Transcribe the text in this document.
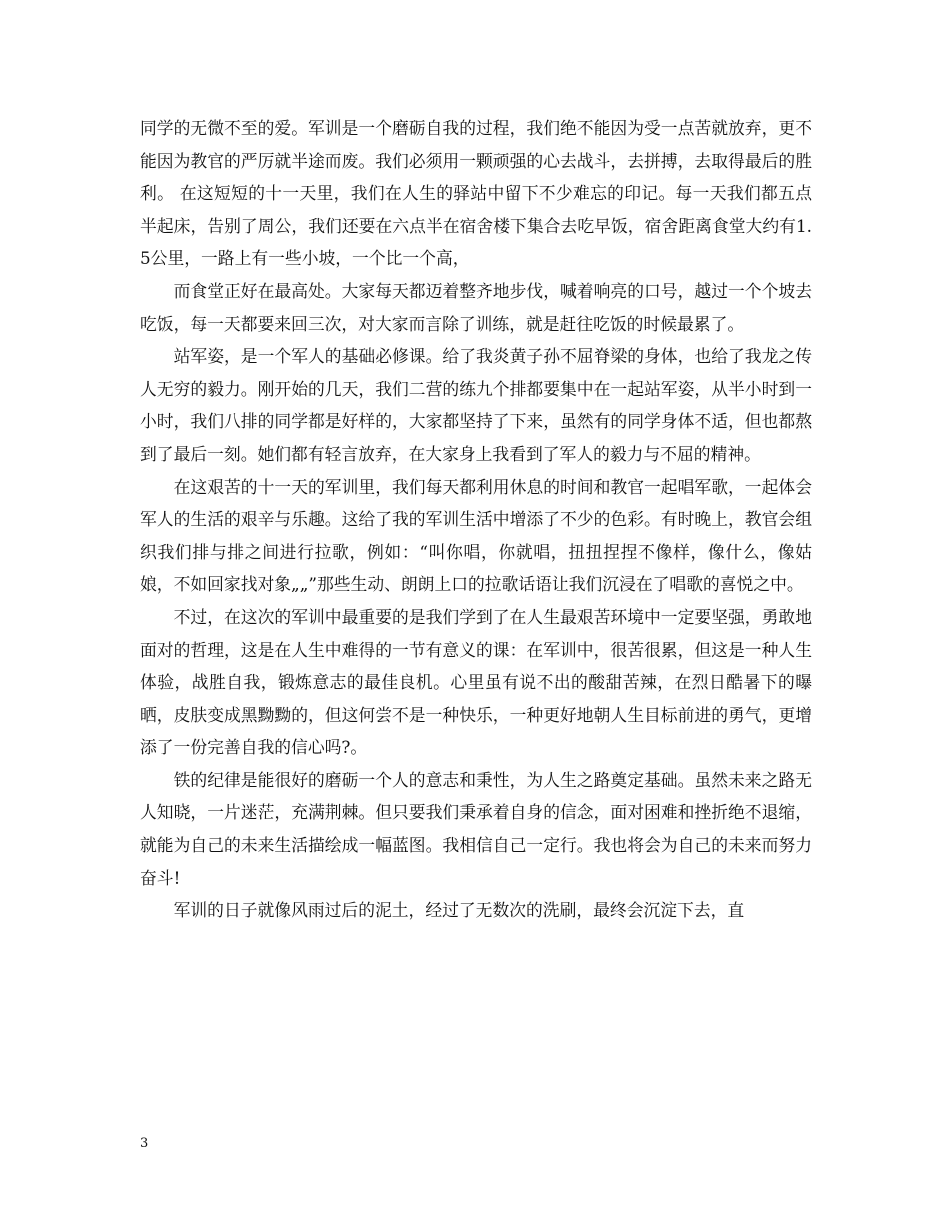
同学的无微不至的爱。军训是一个磨砺自我的过程，我们绝不能因为受一点苦就放弃，更不能因为教官的严厉就半途而废。我们必须用一颗顽强的心去战斗，去拼搏，去取得最后的胜利。 在这短短的十一天里，我们在人生的驿站中留下不少难忘的印记。每一天我们都五点半起床，告别了周公，我们还要在六点半在宿舍楼下集合去吃早饭，宿舍距离食堂大约有1.5公里，一路上有一些小坡，一个比一个高，

而食堂正好在最高处。大家每天都迈着整齐地步伐，喊着响亮的口号，越过一个个坡去吃饭，每一天都要来回三次，对大家而言除了训练，就是赶往吃饭的时候最累了。

站军姿，是一个军人的基础必修课。给了我炎黄子孙不屈脊梁的身体，也给了我龙之传人无穷的毅力。刚开始的几天，我们二营的练九个排都要集中在一起站军姿，从半小时到一小时，我们八排的同学都是好样的，大家都坚持了下来，虽然有的同学身体不适，但也都熬到了最后一刻。她们都有轻言放弃，在大家身上我看到了军人的毅力与不屈的精神。

在这艰苦的十一天的军训里，我们每天都利用休息的时间和教官一起唱军歌，一起体会军人的生活的艰辛与乐趣。这给了我的军训生活中增添了不少的色彩。有时晚上，教官会组织我们排与排之间进行拉歌，例如：“叫你唱，你就唱，扭扭捏捏不像样，像什么，像姑娘，不如回家找对象„„”那些生动、朗朗上口的拉歌话语让我们沉浸在了唱歌的喜悦之中。

不过，在这次的军训中最重要的是我们学到了在人生最艰苦环境中一定要坚强，勇敢地面对的哲理，这是在人生中难得的一节有意义的课：在军训中，很苦很累，但这是一种人生体验，战胜自我，锻炼意志的最佳良机。心里虽有说不出的酸甜苦辣，在烈日酷暑下的曝晒，皮肤变成黑黝黝的，但这何尝不是一种快乐，一种更好地朝人生目标前进的勇气，更增添了一份完善自我的信心吗?。

铁的纪律是能很好的磨砺一个人的意志和秉性，为人生之路奠定基础。虽然未来之路无人知晓，一片迷茫，充满荆棘。但只要我们秉承着自身的信念，面对困难和挫折绝不退缩，就能为自己的未来生活描绘成一幅蓝图。我相信自己一定行。我也将会为自己的未来而努力奋斗!

军训的日子就像风雨过后的泥土，经过了无数次的洗刷，最终会沉淀下去，直

3
